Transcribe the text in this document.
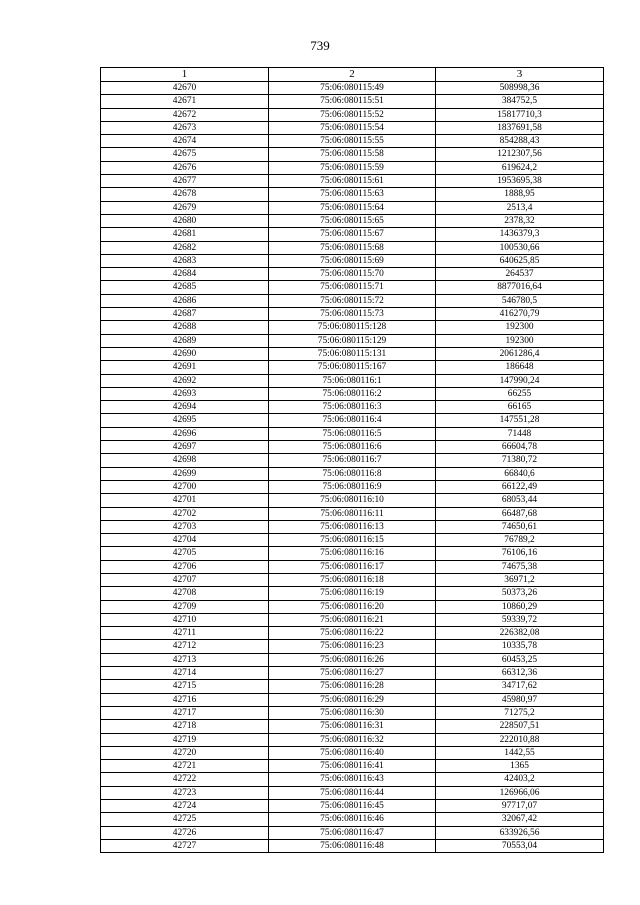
739
1	2	3
42670	75:06:080115:49	508998,36
42671	75:06:080115:51	384752,5
42672	75:06:080115:52	15817710,3
42673	75:06:080115:54	1837691,58
42674	75:06:080115:55	854288,43
42675	75:06:080115:58	1212307,56
42676	75:06:080115:59	619624,2
42677	75:06:080115:61	1953695,38
42678	75:06:080115:63	1888,95
42679	75:06:080115:64	2513,4
42680	75:06:080115:65	2378,32
42681	75:06:080115:67	1436379,3
42682	75:06:080115:68	100530,66
42683	75:06:080115:69	640625,85
42684	75:06:080115:70	264537
42685	75:06:080115:71	8877016,64
42686	75:06:080115:72	546780,5
42687	75:06:080115:73	416270,79
42688	75:06:080115:128	192300
42689	75:06:080115:129	192300
42690	75:06:080115:131	2061286,4
42691	75:06:080115:167	186648
42692	75:06:080116:1	147990,24
42693	75:06:080116:2	66255
42694	75:06:080116:3	66165
42695	75:06:080116:4	147551,28
42696	75:06:080116:5	71448
42697	75:06:080116:6	66604,78
42698	75:06:080116:7	71380,72
42699	75:06:080116:8	66840,6
42700	75:06:080116:9	66122,49
42701	75:06:080116:10	68053,44
42702	75:06:080116:11	66487,68
42703	75:06:080116:13	74650,61
42704	75:06:080116:15	76789,2
42705	75:06:080116:16	76106,16
42706	75:06:080116:17	74675,38
42707	75:06:080116:18	36971,2
42708	75:06:080116:19	50373,26
42709	75:06:080116:20	10860,29
42710	75:06:080116:21	59339,72
42711	75:06:080116:22	226382,08
42712	75:06:080116:23	10335,78
42713	75:06:080116:26	60453,25
42714	75:06:080116:27	66312,36
42715	75:06:080116:28	34717,62
42716	75:06:080116:29	45980,97
42717	75:06:080116:30	71275,2
42718	75:06:080116:31	228507,51
42719	75:06:080116:32	222010,88
42720	75:06:080116:40	1442,55
42721	75:06:080116:41	1365
42722	75:06:080116:43	42403,2
42723	75:06:080116:44	126966,06
42724	75:06:080116:45	97717,07
42725	75:06:080116:46	32067,42
42726	75:06:080116:47	633926,56
42727	75:06:080116:48	70553,04
